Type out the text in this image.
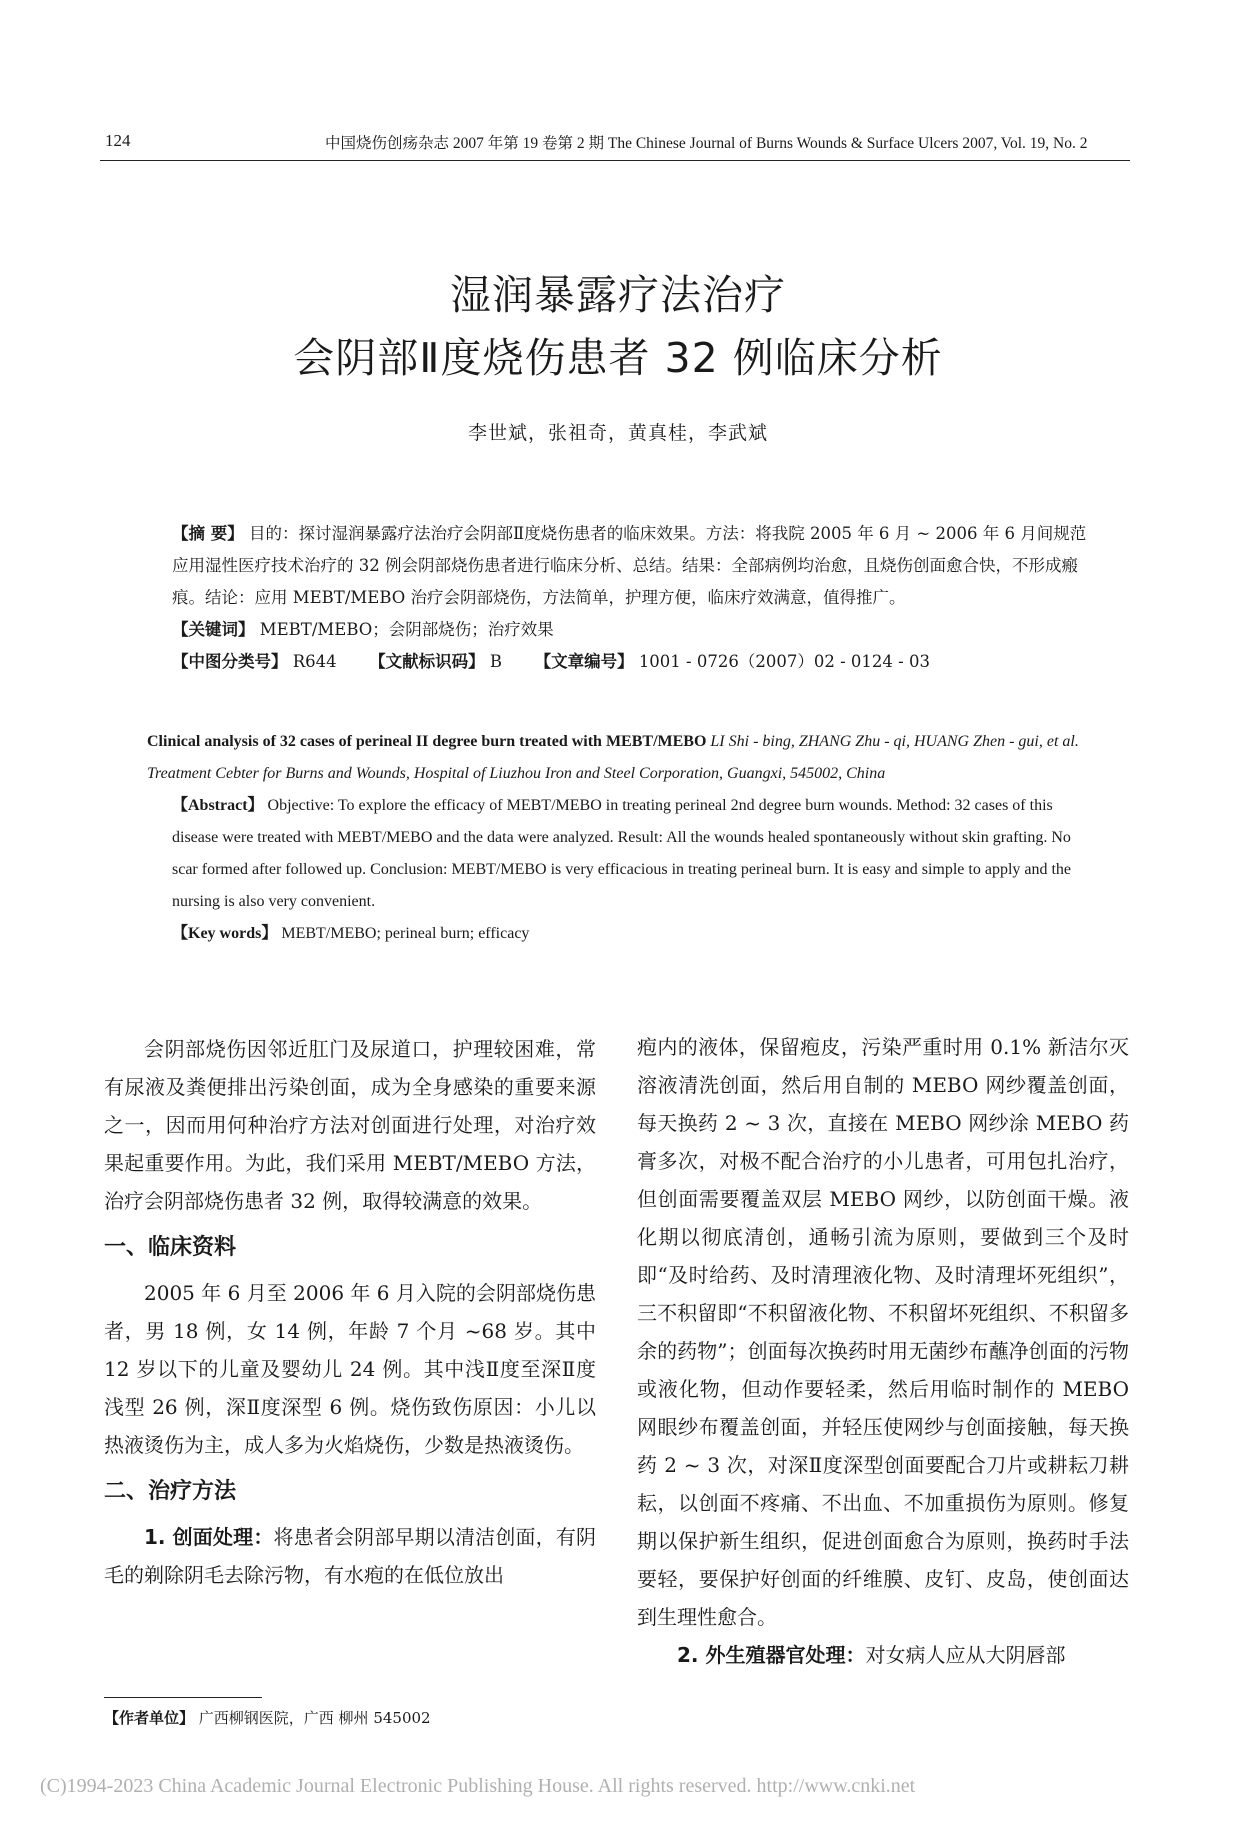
124	中国烧伤创疡杂志 2007 年第 19 卷第 2 期 The Chinese Journal of Burns Wounds & Surface Ulcers 2007, Vol. 19, No. 2
湿润暴露疗法治疗
会阴部Ⅱ度烧伤患者 32 例临床分析
李世斌，张祖奇，黄真桂，李武斌

【摘 要】 目的：探讨湿润暴露疗法治疗会阴部Ⅱ度烧伤患者的临床效果。方法：将我院 2005 年 6 月 ~ 2006 年 6 月间规范应用湿性医疗技术治疗的 32 例会阴部烧伤患者进行临床分析、总结。结果：全部病例均治愈，且烧伤创面愈合快，不形成瘢痕。结论：应用 MEBT/MEBO 治疗会阴部烧伤，方法简单，护理方便，临床疗效满意，值得推广。

【关键词】 MEBT/MEBO；会阴部烧伤；治疗效果

【中图分类号】 R644 【文献标识码】 B 【文章编号】 1001 - 0726（2007）02 - 0124 - 03

Clinical analysis of 32 cases of perineal II degree burn treated with MEBT/MEBO LI Shi - bing, ZHANG Zhu - qi, HUANG Zhen - gui, et al. Treatment Cebter for Burns and Wounds, Hospital of Liuzhou Iron and Steel Corporation, Guangxi, 545002, China

【Abstract】 Objective: To explore the efficacy of MEBT/MEBO in treating perineal 2nd degree burn wounds. Method: 32 cases of this disease were treated with MEBT/MEBO and the data were analyzed. Result: All the wounds healed spontaneously without skin grafting. No scar formed after followed up. Conclusion: MEBT/MEBO is very efficacious in treating perineal burn. It is easy and simple to apply and the nursing is also very convenient.

【Key words】 MEBT/MEBO; perineal burn; efficacy

会阴部烧伤因邻近肛门及尿道口，护理较困难，常有尿液及粪便排出污染创面，成为全身感染的重要来源之一，因而用何种治疗方法对创面进行处理，对治疗效果起重要作用。为此，我们采用 MEBT/MEBO 方法，治疗会阴部烧伤患者 32 例，取得较满意的效果。

一、临床资料

2005 年 6 月至 2006 年 6 月入院的会阴部烧伤患者，男 18 例，女 14 例，年龄 7 个月 ~68 岁。其中 12 岁以下的儿童及婴幼儿 24 例。其中浅Ⅱ度至深Ⅱ度浅型 26 例，深Ⅱ度深型 6 例。烧伤致伤原因：小儿以热液烫伤为主，成人多为火焰烧伤，少数是热液烫伤。

二、治疗方法

1. 创面处理：将患者会阴部早期以清洁创面，有阴毛的剃除阴毛去除污物，有水疱的在低位放出

疱内的液体，保留疱皮，污染严重时用 0.1% 新洁尔灭溶液清洗创面，然后用自制的 MEBO 网纱覆盖创面，每天换药 2 ~ 3 次，直接在 MEBO 网纱涂 MEBO 药膏多次，对极不配合治疗的小儿患者，可用包扎治疗，但创面需要覆盖双层 MEBO 网纱，以防创面干燥。液化期以彻底清创，通畅引流为原则，要做到三个及时即“及时给药、及时清理液化物、及时清理坏死组织”，三不积留即“不积留液化物、不积留坏死组织、不积留多余的药物”；创面每次换药时用无菌纱布蘸净创面的污物或液化物，但动作要轻柔，然后用临时制作的 MEBO 网眼纱布覆盖创面，并轻压使网纱与创面接触，每天换药 2 ~ 3 次，对深Ⅱ度深型创面要配合刀片或耕耘刀耕耘，以创面不疼痛、不出血、不加重损伤为原则。修复期以保护新生组织，促进创面愈合为原则，换药时手法要轻，要保护好创面的纤维膜、皮钉、皮岛，使创面达到生理性愈合。

2. 外生殖器官处理：对女病人应从大阴唇部

【作者单位】 广西柳钢医院，广西 柳州 545002
(C)1994-2023 China Academic Journal Electronic Publishing House. All rights reserved. http://www.cnki.net
